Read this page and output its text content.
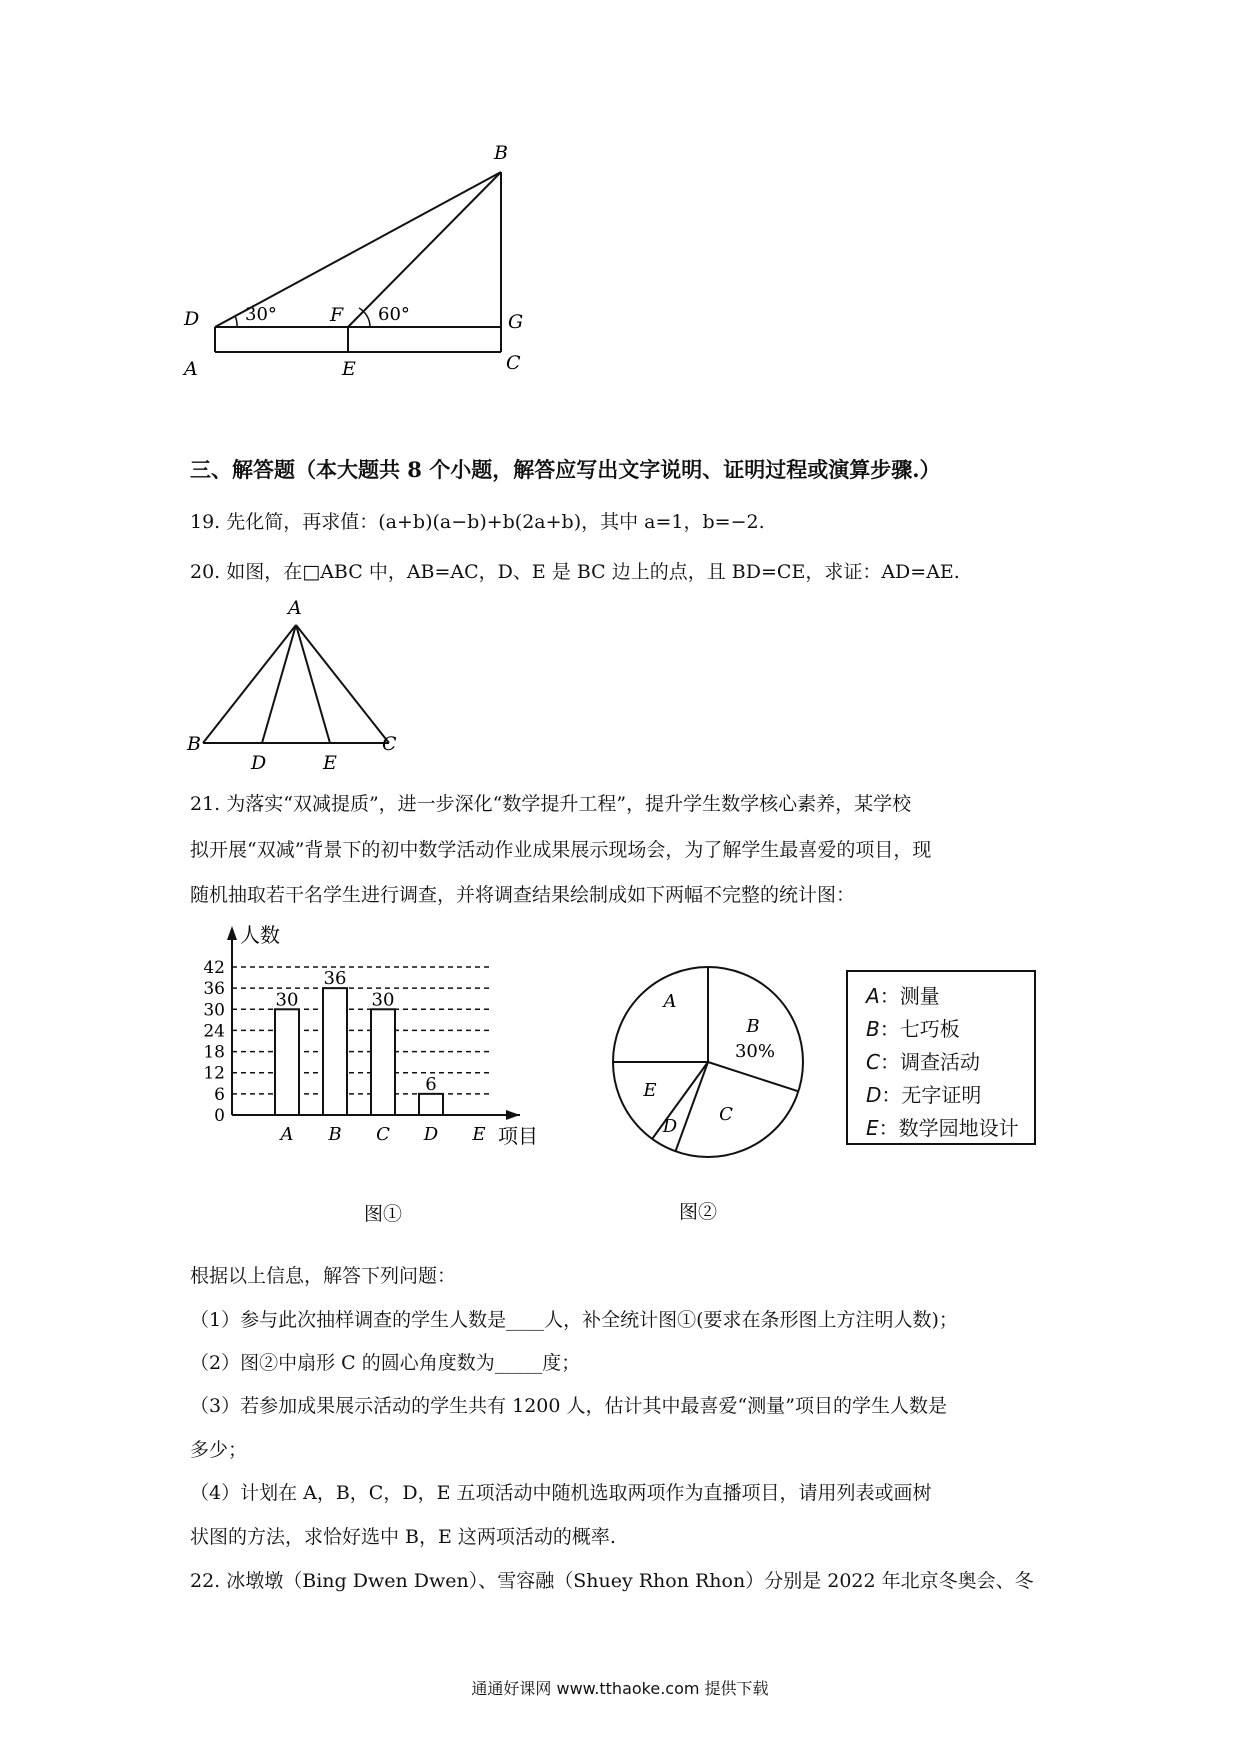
B
D	F	G
A	E	C
30°	60°
三、解答题（本大题共 8 个小题，解答应写出文字说明、证明过程或演算步骤.）
19. 先化简，再求值：(a+b)(a−b)+b(2a+b)，其中 a=1，b=−2.
20. 如图，在□ABC 中，AB=AC，D、E 是 BC 边上的点，且 BD=CE，求证：AD=AE.
A
B	C
D	E
21. 为落实“双减提质”，进一步深化“数学提升工程”，提升学生数学核心素养，某学校
拟开展“双减”背景下的初中数学活动作业成果展示现场会，为了解学生最喜爱的项目，现
随机抽取若干名学生进行调查，并将调查结果绘制成如下两幅不完整的统计图：
0
6
12
18
24
30
36
42
人数
项目
A
30
B
36
C
30
D
6
E
图①
A
B
30%
C
D
E
图②
A：测量
B：七巧板
C：调查活动
D：无字证明
E：数学园地设计
根据以上信息，解答下列问题：
（1）参与此次抽样调查的学生人数是____人，补全统计图①(要求在条形图上方注明人数)；
（2）图②中扇形 C 的圆心角度数为_____度；
（3）若参加成果展示活动的学生共有 1200 人，估计其中最喜爱“测量”项目的学生人数是
多少；
（4）计划在 A，B，C，D，E 五项活动中随机选取两项作为直播项目，请用列表或画树
状图的方法，求恰好选中 B，E 这两项活动的概率.
22. 冰墩墩（Bing Dwen Dwen）、雪容融（Shuey Rhon Rhon）分别是 2022 年北京冬奥会、冬
通通好课网 www.tthaoke.com 提供下载
